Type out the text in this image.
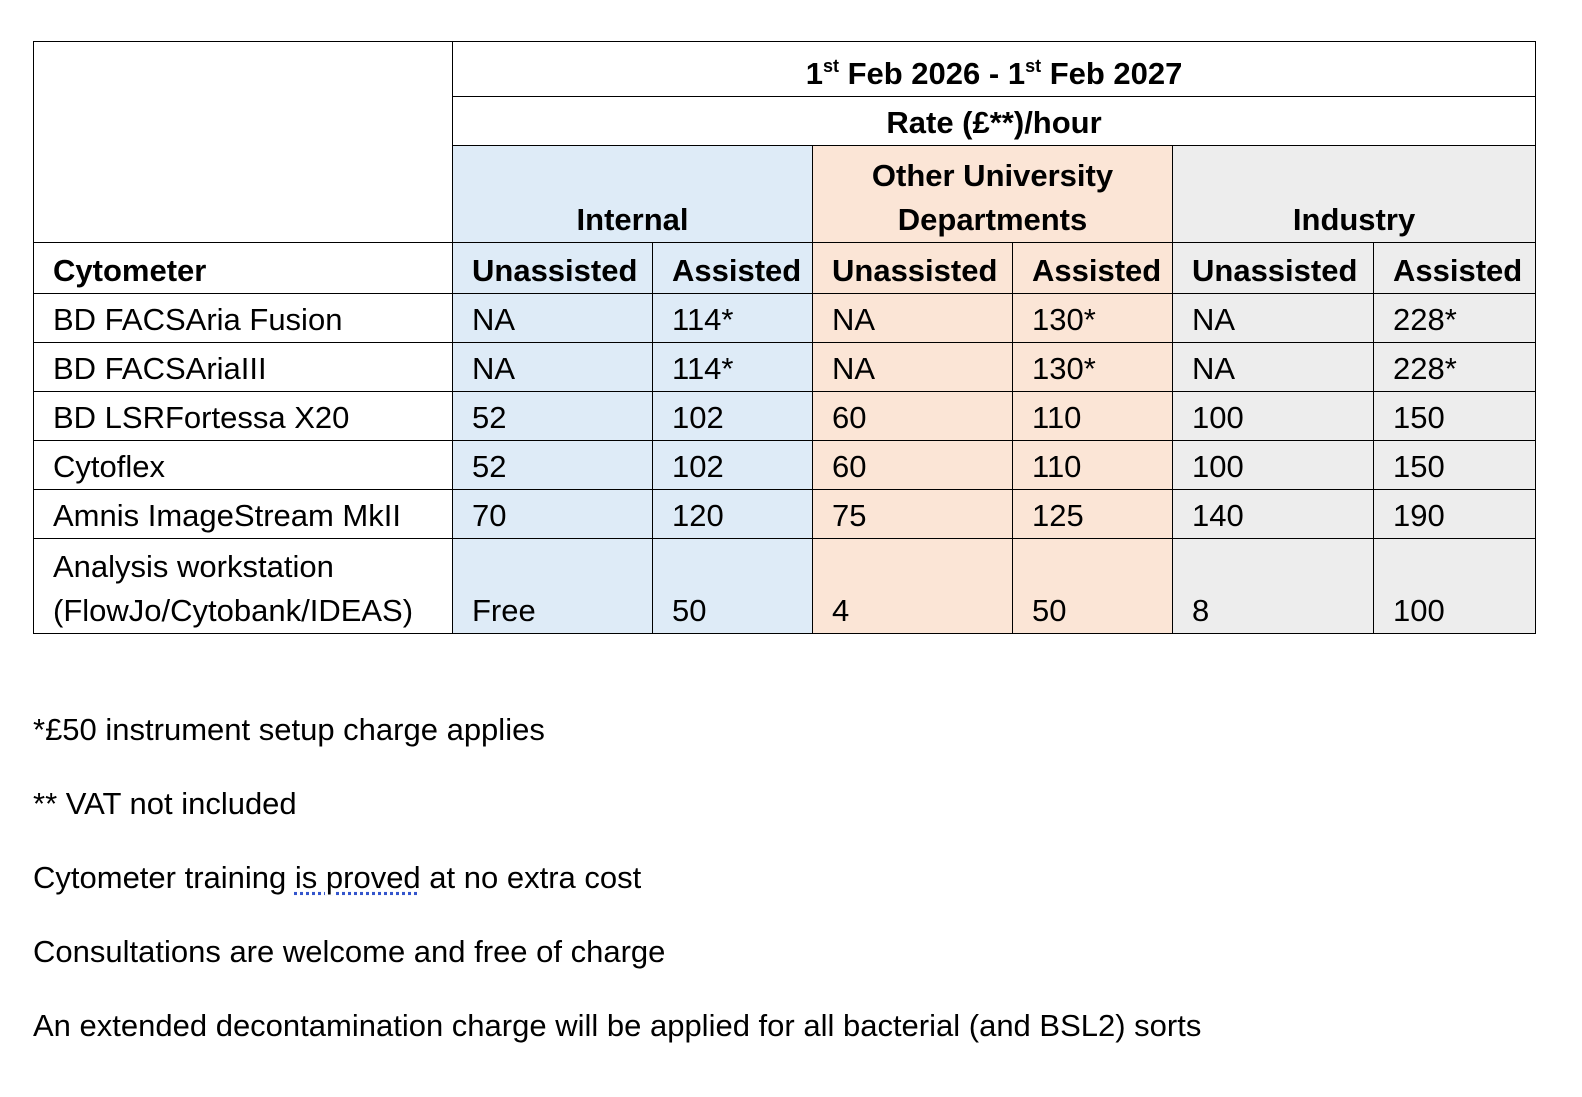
	1st Feb 2026 - 1st Feb 2027					
	Rate (£**)/hour					
	Internal		Other University Departments		Industry	
Cytometer	Unassisted	Assisted	Unassisted	Assisted	Unassisted	Assisted
BD FACSAria Fusion	NA	114*	NA	130*	NA	228*
BD FACSAriaIII	NA	114*	NA	130*	NA	228*
BD LSRFortessa X20	52	102	60	110	100	150
Cytoflex	52	102	60	110	100	150
Amnis ImageStream MkII	70	120	75	125	140	190
Analysis workstation (FlowJo/Cytobank/IDEAS)	Free	50	4	50	8	100

*£50 instrument setup charge applies

** VAT not included

Cytometer training is proved at no extra cost

Consultations are welcome and free of charge

An extended decontamination charge will be applied for all bacterial (and BSL2) sorts
